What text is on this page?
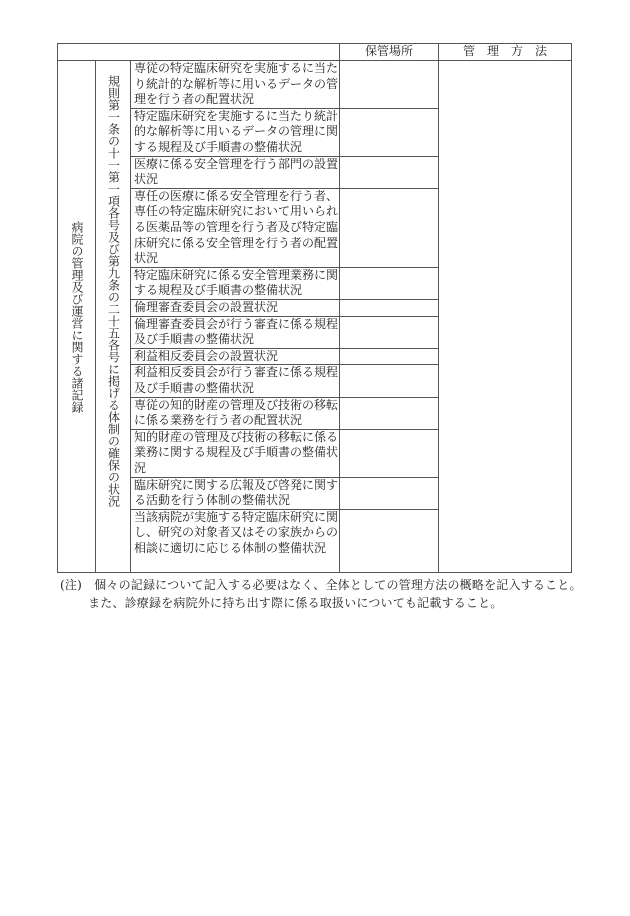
			保管場所	管　理　方　法

病院の管理及び運営に関する諸記録	規則第一条の十一第一項各号及び第九条の二十五各号に掲げる体制の確保の状況	専従の特定臨床研究を実施するに当たり統計的な解析等に用いるデータの管理を行う者の配置状況		
		特定臨床研究を実施するに当たり統計的な解析等に用いるデータの管理に関する規程及び手順書の整備状況		
		医療に係る安全管理を行う部門の設置状況		
		専任の医療に係る安全管理を行う者、専任の特定臨床研究において用いられる医薬品等の管理を行う者及び特定臨床研究に係る安全管理を行う者の配置状況		
		特定臨床研究に係る安全管理業務に関する規程及び手順書の整備状況		
		倫理審査委員会の設置状況		
		倫理審査委員会が行う審査に係る規程及び手順書の整備状況		
		利益相反委員会の設置状況		
		利益相反委員会が行う審査に係る規程及び手順書の整備状況		
		専従の知的財産の管理及び技術の移転に係る業務を行う者の配置状況		
		知的財産の管理及び技術の移転に係る業務に関する規程及び手順書の整備状況		
		臨床研究に関する広報及び啓発に関する活動を行う体制の整備状況		
		当該病院が実施する特定臨床研究に関し、研究の対象者又はその家族からの相談に適切に応じる体制の整備状況		
(注)　個々の記録について記入する必要はなく、全体としての管理方法の概略を記入すること。
また、診療録を病院外に持ち出す際に係る取扱いについても記載すること。
